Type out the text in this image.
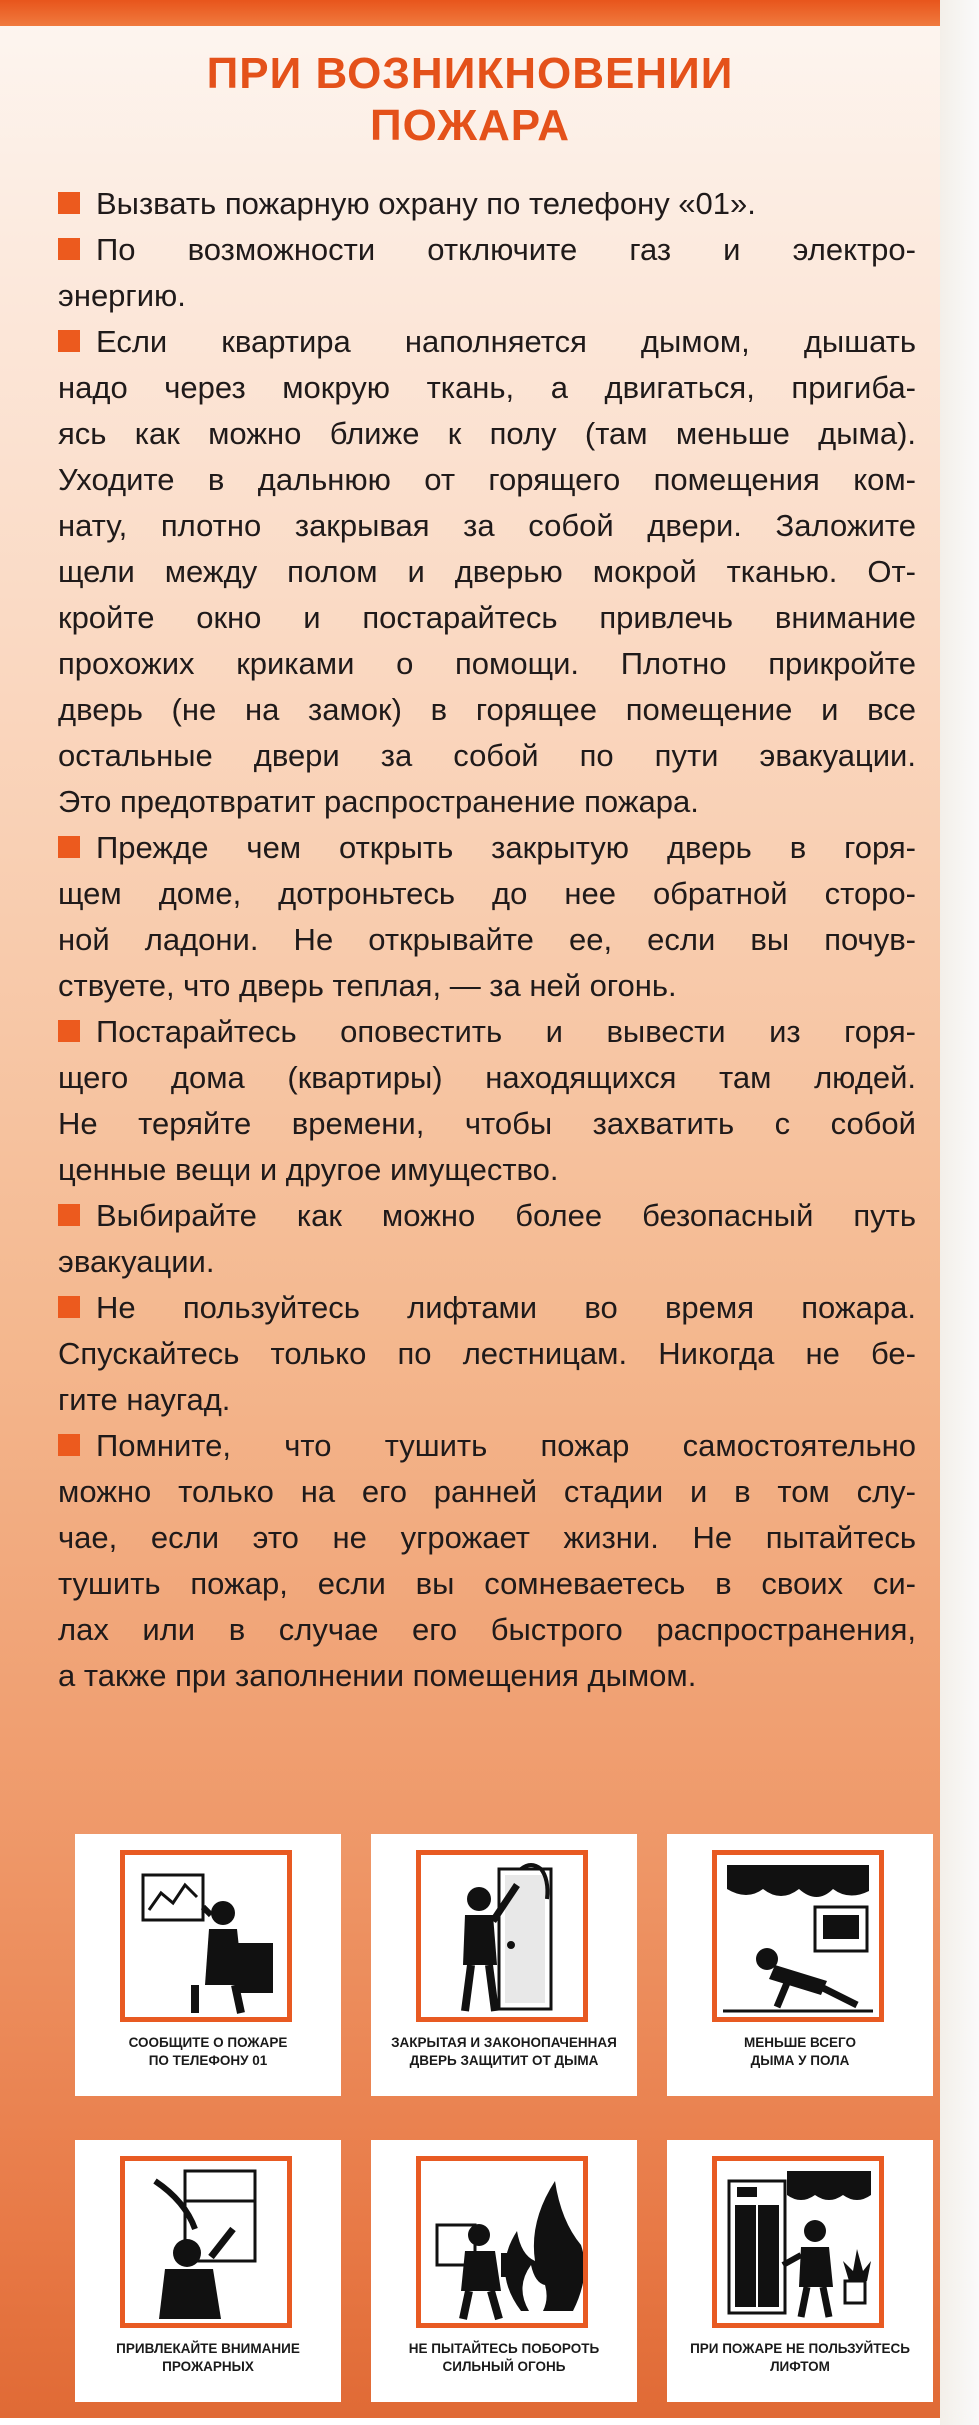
ПРИ ВОЗНИКНОВЕНИИ
ПОЖАРА
Вызвать пожарную охрану по телефону «01».
По возможности отключите газ и электро-
энергию.
Если квартира наполняется дымом, дышать
надо через мокрую ткань, а двигаться, пригиба-
ясь как можно ближе к полу (там меньше дыма).
Уходите в дальнюю от горящего помещения ком-
нату, плотно закрывая за собой двери. Заложите
щели между полом и дверью мокрой тканью. От-
кройте окно и постарайтесь привлечь внимание
прохожих криками о помощи. Плотно прикройте
дверь (не на замок) в горящее помещение и все
остальные двери за собой по пути эвакуации.
Это предотвратит распространение пожара.
Прежде чем открыть закрытую дверь в горя-
щем доме, дотроньтесь до нее обратной сторо-
ной ладони. Не открывайте ее, если вы почув-
ствуете, что дверь теплая, — за ней огонь.
Постарайтесь оповестить и вывести из горя-
щего дома (квартиры) находящихся там людей.
Не теряйте времени, чтобы захватить с собой
ценные вещи и другое имущество.
Выбирайте как можно более безопасный путь
эвакуации.
Не пользуйтесь лифтами во время пожара.
Спускайтесь только по лестницам. Никогда не бе-
гите наугад.
Помните, что тушить пожар самостоятельно
можно только на его ранней стадии и в том слу-
чае, если это не угрожает жизни. Не пытайтесь
тушить пожар, если вы сомневаетесь в своих си-
лах или в случае его быстрого распространения,
а также при заполнении помещения дымом.
СООБЩИТЕ О ПОЖАРЕ
ПО ТЕЛЕФОНУ 01
ЗАКРЫТАЯ И ЗАКОНОПАЧЕННАЯ
ДВЕРЬ ЗАЩИТИТ ОТ ДЫМА
МЕНЬШЕ ВСЕГО
ДЫМА У ПОЛА
ПРИВЛЕКАЙТЕ ВНИМАНИЕ
ПРОЖАРНЫХ
НЕ ПЫТАЙТЕСЬ ПОБОРОТЬ
СИЛЬНЫЙ ОГОНЬ
ПРИ ПОЖАРЕ НЕ ПОЛЬЗУЙТЕСЬ
ЛИФТОМ
